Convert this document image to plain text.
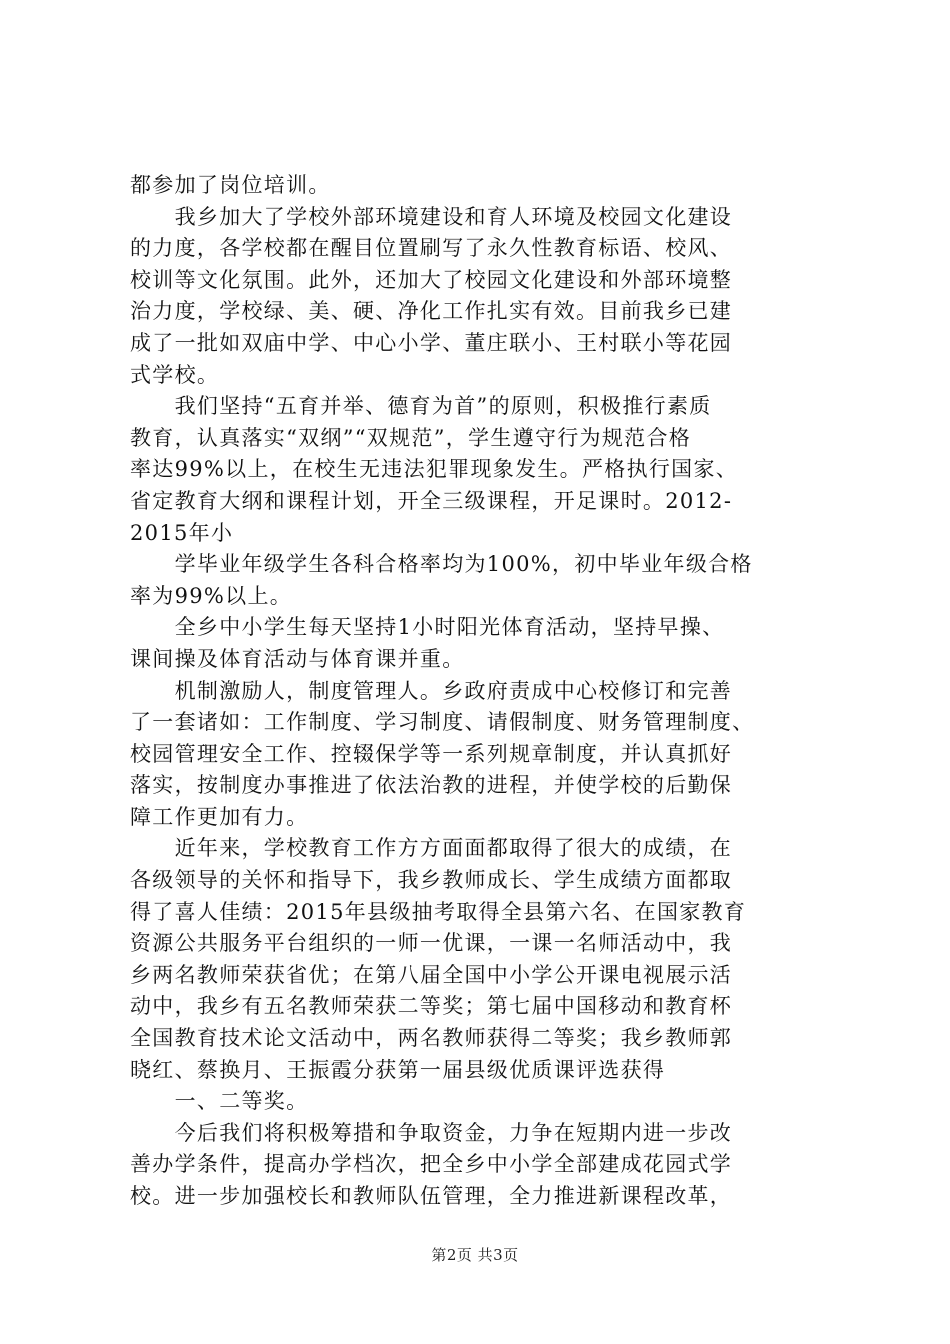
都参加了岗位培训。

　　我乡加大了学校外部环境建设和育人环境及校园文化建设

的力度，各学校都在醒目位置刷写了永久性教育标语、校风、

校训等文化氛围。此外，还加大了校园文化建设和外部环境整

治力度，学校绿、美、硬、净化工作扎实有效。目前我乡已建

成了一批如双庙中学、中心小学、董庄联小、王村联小等花园

式学校。

　　我们坚持“五育并举、德育为首”的原则，积极推行素质

教育，认真落实“双纲”“双规范”，学生遵守行为规范合格

率达99%以上，在校生无违法犯罪现象发生。严格执行国家、

省定教育大纲和课程计划，开全三级课程，开足课时。2012-

2015年小

　　学毕业年级学生各科合格率均为100%，初中毕业年级合格

率为99%以上。

　　全乡中小学生每天坚持1小时阳光体育活动，坚持早操、

课间操及体育活动与体育课并重。

　　机制激励人，制度管理人。乡政府责成中心校修订和完善

了一套诸如：工作制度、学习制度、请假制度、财务管理制度、

校园管理安全工作、控辍保学等一系列规章制度，并认真抓好

落实，按制度办事推进了依法治教的进程，并使学校的后勤保

障工作更加有力。

　　近年来，学校教育工作方方面面都取得了很大的成绩，在

各级领导的关怀和指导下，我乡教师成长、学生成绩方面都取

得了喜人佳绩：2015年县级抽考取得全县第六名、在国家教育

资源公共服务平台组织的一师一优课，一课一名师活动中，我

乡两名教师荣获省优；在第八届全国中小学公开课电视展示活

动中，我乡有五名教师荣获二等奖；第七届中国移动和教育杯

全国教育技术论文活动中，两名教师获得二等奖；我乡教师郭

晓红、蔡换月、王振霞分获第一届县级优质课评选获得

　　一、二等奖。

　　今后我们将积极筹措和争取资金，力争在短期内进一步改

善办学条件，提高办学档次，把全乡中小学全部建成花园式学

校。进一步加强校长和教师队伍管理，全力推进新课程改革，

第2页 共3页
